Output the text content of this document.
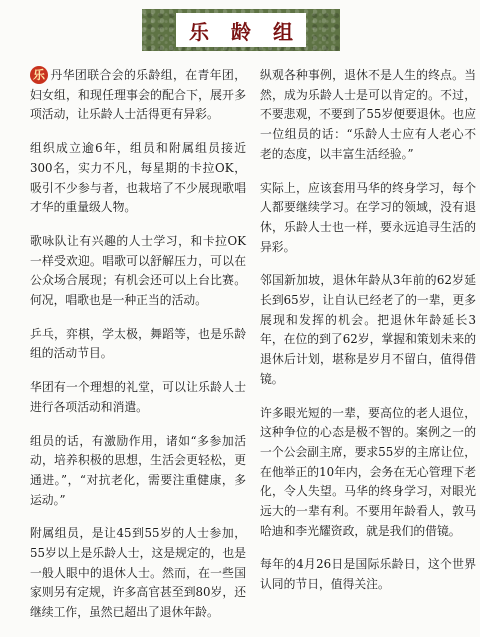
乐龄组

乐 丹华团联合会的乐龄组，在青年团，妇女组，和现任理事会的配合下，展开多项活动，让乐龄人士活得更有异彩。

组织成立逾6年，组员和附属组员接近300名，实力不凡，每星期的卡拉OK，吸引不少参与者，也栽培了不少展现歌唱才华的重量级人物。

歌咏队让有兴趣的人士学习，和卡拉OK一样受欢迎。唱歌可以舒解压力，可以在公众场合展现；有机会还可以上台比赛。何况，唱歌也是一种正当的活动。

乒乓，弈棋，学太极，舞蹈等，也是乐龄组的活动节目。

华团有一个理想的礼堂，可以让乐龄人士进行各项活动和消遣。

组员的话，有激励作用，诸如“多参加活动，培养积极的思想，生活会更轻松，更通进。”，“对抗老化，需要注重健康，多运动。”

附属组员，是让45到55岁的人士参加，55岁以上是乐龄人士，这是规定的，也是一般人眼中的退休人士。然而，在一些国家则另有定规，许多高官甚至到80岁，还继续工作，虽然已超出了退休年龄。

纵观各种事例，退休不是人生的终点。当然，成为乐龄人士是可以肯定的。不过，不要悲观，不要到了55岁便要退休。也应一位组员的话：“乐龄人士应有人老心不老的态度，以丰富生活经验。”

实际上，应该套用马华的终身学习，每个人都要继续学习。在学习的领域，没有退休，乐龄人士也一样，要永远追寻生活的异彩。

邻国新加坡，退休年龄从3年前的62岁延长到65岁，让自认已经老了的一辈，更多展现和发挥的机会。把退休年龄延长3年，在位的到了62岁，掌握和策划未来的退休后计划，堪称是岁月不留白，值得借镜。

许多眼光短的一辈，要高位的老人退位，这种争位的心态是极不智的。案例之一的一个公会副主席，要求55岁的主席让位，在他举正的10年内，会务在无心管理下老化，令人失望。马华的终身学习，对眼光远大的一辈有利。不要用年龄看人，敦马哈迪和李光耀资政，就是我们的借镜。

每年的4月26日是国际乐龄日，这个世界认同的节日，值得关注。
